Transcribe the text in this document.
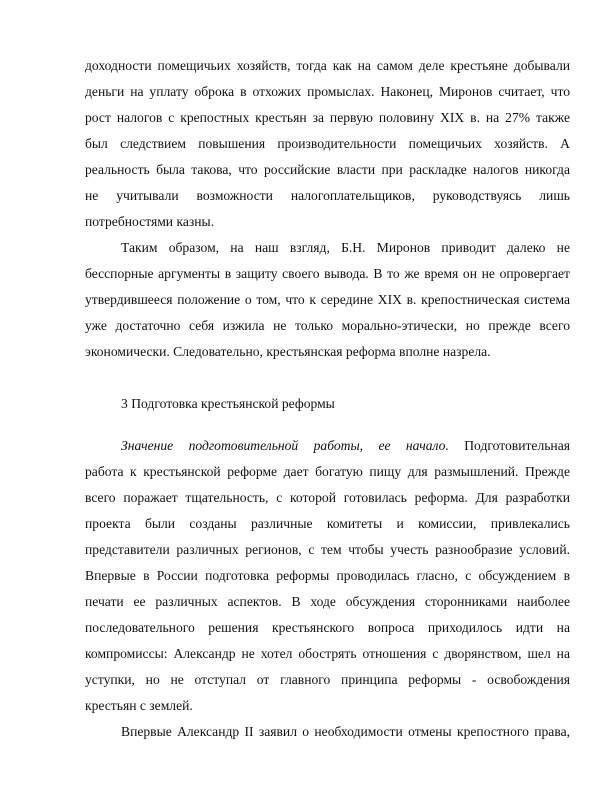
доходности помещичьих хозяйств, тогда как на самом деле крестьяне добывали
деньги на уплату оброка в отхожих промыслах. Наконец, Миронов считает, что
рост налогов с крепостных крестьян за первую половину XIX в. на 27% также
был следствием повышения производительности помещичьих хозяйств. А
реальность была такова, что российские власти при раскладке налогов никогда
не учитывали возможности налогоплательщиков, руководствуясь лишь
потребностями казны.
Таким образом, на наш взгляд, Б.Н. Миронов приводит далеко не
бесспорные аргументы в защиту своего вывода. В то же время он не опровергает
утвердившееся положение о том, что к середине XIX в. крепостническая система
уже достаточно себя изжила не только морально-этически, но прежде всего
экономически. Следовательно, крестьянская реформа вполне назрела.
3 Подготовка крестьянской реформы
Значение подготовительной работы, ее начало. Подготовительная
работа к крестьянской реформе дает богатую пищу для размышлений. Прежде
всего поражает тщательность, с которой готовилась реформа. Для разработки
проекта были созданы различные комитеты и комиссии, привлекались
представители различных регионов, с тем чтобы учесть разнообразие условий.
Впервые в России подготовка реформы проводилась гласно, с обсуждением в
печати ее различных аспектов. В ходе обсуждения сторонниками наиболее
последовательного решения крестьянского вопроса приходилось идти на
компромиссы: Александр не хотел обострять отношения с дворянством, шел на
уступки, но не отступал от главного принципа реформы - освобождения
крестьян с землей.
Впервые Александр II заявил о необходимости отмены крепостного права,
